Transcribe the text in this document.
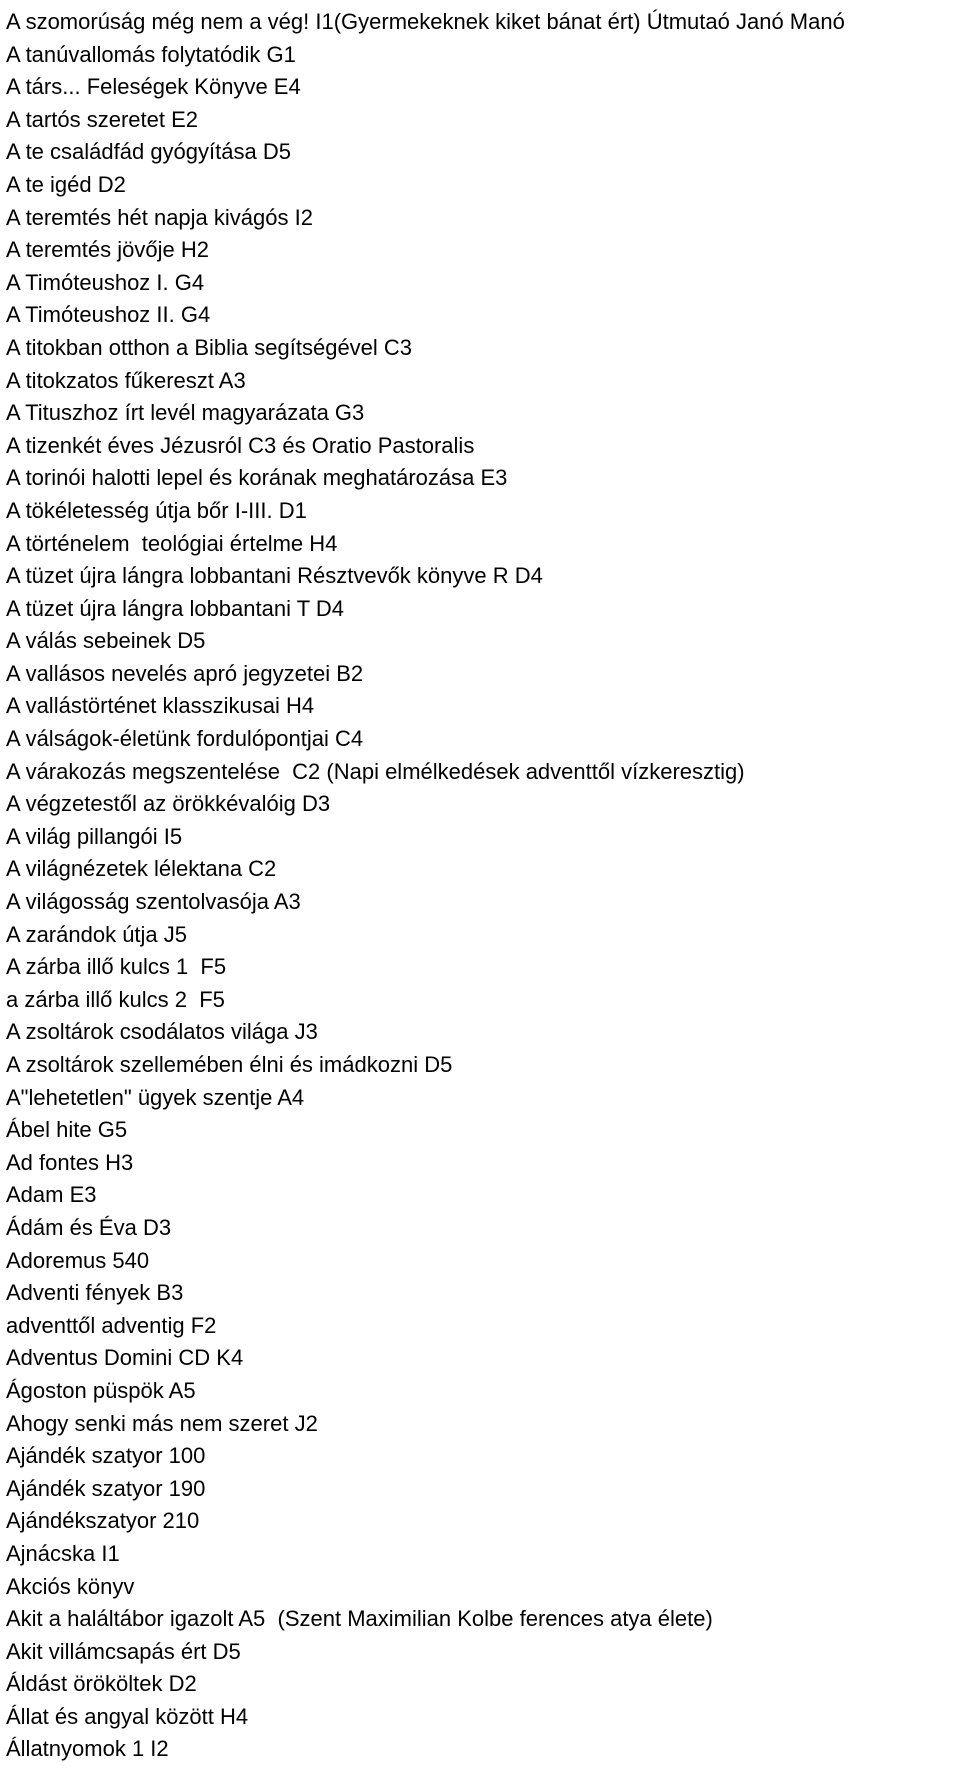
A szomorúság még nem a vég! I1(Gyermekeknek kiket bánat ért) Útmutaó Janó Manó
A tanúvallomás folytatódik G1
A társ... Feleségek Könyve E4
A tartós szeretet E2
A te családfád gyógyítása D5
A te igéd D2
A teremtés hét napja kivágós I2
A teremtés jövője H2
A Timóteushoz I. G4
A Timóteushoz II. G4
A titokban otthon a Biblia segítségével C3
A titokzatos fűkereszt A3
A Tituszhoz írt levél magyarázata G3
A tizenkét éves Jézusról C3 és Oratio Pastoralis
A torinói halotti lepel és korának meghatározása E3
A tökéletesség útja bőr I-III. D1
A történelem  teológiai értelme H4
A tüzet újra lángra lobbantani Résztvevők könyve R D4
A tüzet újra lángra lobbantani T D4
A válás sebeinek D5
A vallásos nevelés apró jegyzetei B2
A vallástörténet klasszikusai H4
A válságok-életünk fordulópontjai C4
A várakozás megszentelése  C2 (Napi elmélkedések adventtől vízkeresztig)
A végzetestől az örökkévalóig D3
A világ pillangói I5
A világnézetek lélektana C2
A világosság szentolvasója A3
A zarándok útja J5
A zárba illő kulcs 1  F5
a zárba illő kulcs 2  F5
A zsoltárok csodálatos világa J3
A zsoltárok szellemében élni és imádkozni D5
A"lehetetlen" ügyek szentje A4
Ábel hite G5
Ad fontes H3
Adam E3
Ádám és Éva D3
Adoremus 540
Adventi fények B3
adventtől adventig F2
Adventus Domini CD K4
Ágoston püspök A5
Ahogy senki más nem szeret J2
Ajándék szatyor 100
Ajándék szatyor 190
Ajándékszatyor 210
Ajnácska I1
Akciós könyv
Akit a haláltábor igazolt A5  (Szent Maximilian Kolbe ferences atya élete)
Akit villámcsapás ért D5
Áldást örököltek D2
Állat és angyal között H4
Állatnyomok 1 I2
